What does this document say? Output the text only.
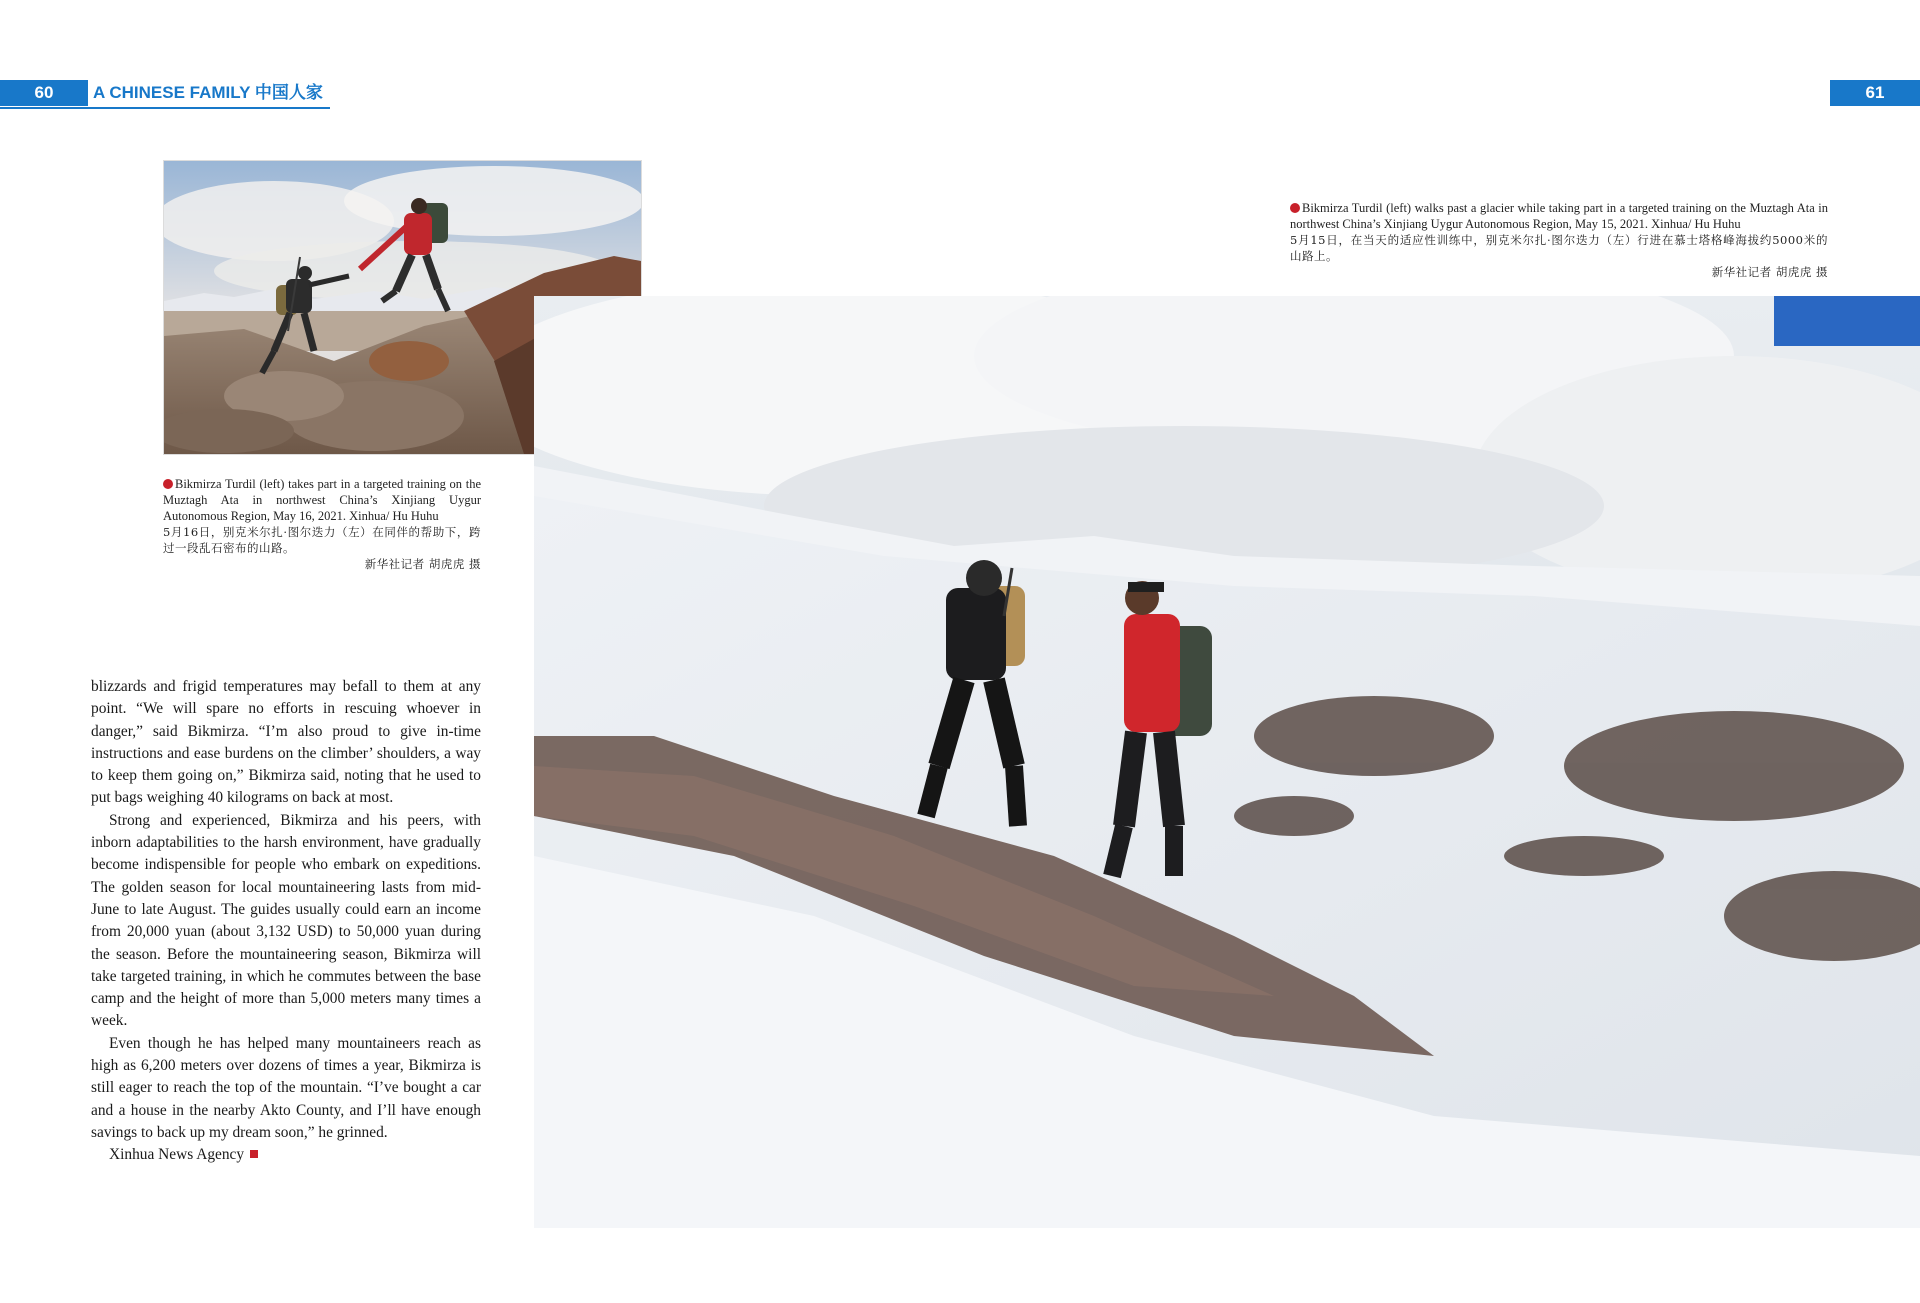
60	A CHINESE FAMILY 中国人家	61
Bikmirza Turdil (left) takes part in a targeted training on the Muztagh Ata in northwest China’s Xinjiang Uygur Autonomous Region, May 16, 2021. Xinhua/ Hu Huhu
5月16日，别克米尔扎·图尔迭力（左）在同伴的帮助下，跨过一段乱石密布的山路。
新华社记者 胡虎虎 摄
Bikmirza Turdil (left) walks past a glacier while taking part in a targeted training on the Muztagh Ata in northwest China’s Xinjiang Uygur Autonomous Region, May 15, 2021. Xinhua/ Hu Huhu
5月15日，在当天的适应性训练中，别克米尔扎·图尔迭力（左）行进在慕士塔格峰海拔约5000米的山路上。
新华社记者 胡虎虎 摄

blizzards and frigid temperatures may befall to them at any point. “We will spare no efforts in rescuing whoever in danger,” said Bikmirza. “I’m also proud to give in-time instructions and ease burdens on the climber’ shoulders, a way to keep them going on,” Bikmirza said, noting that he used to put bags weighing 40 kilograms on back at most.

Strong and experienced, Bikmirza and his peers, with inborn adaptabilities to the harsh environment, have gradually become indispensible for people who embark on expeditions. The golden season for local mountaineering lasts from mid-June to late August. The guides usually could earn an income from 20,000 yuan (about 3,132 USD) to 50,000 yuan during the season. Before the mountaineering season, Bikmirza will take targeted training, in which he commutes between the base camp and the height of more than 5,000 meters many times a week.

Even though he has helped many mountaineers reach as high as 6,200 meters over dozens of times a year, Bikmirza is still eager to reach the top of the mountain. “I’ve bought a car and a house in the nearby Akto County, and I’ll have enough savings to back up my dream soon,” he grinned.

Xinhua News Agency
